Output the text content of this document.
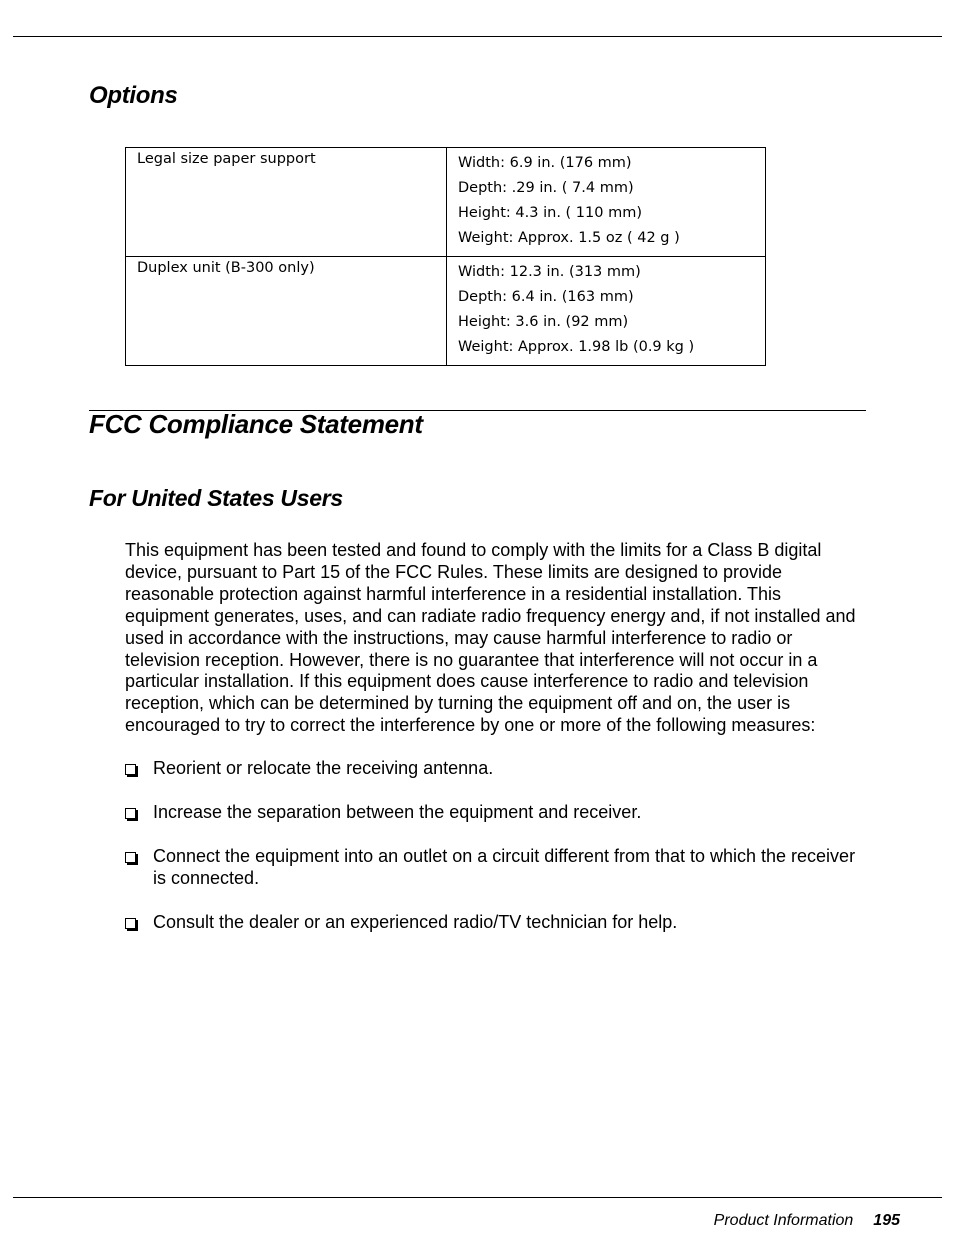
Options
Legal size paper support	Width: 6.9 in. (176 mm)
Depth: .29 in. ( 7.4 mm)
Height: 4.3 in. ( 110 mm)
Weight: Approx. 1.5 oz ( 42 g )

Duplex unit (B-300 only)	Width: 12.3 in. (313 mm)
Depth: 6.4 in. (163 mm)
Height: 3.6 in. (92 mm)
Weight: Approx. 1.98 lb (0.9 kg )
FCC Compliance Statement
For United States Users

This equipment has been tested and found to comply with the limits for a Class B digital device, pursuant to Part 15 of the FCC Rules. These limits are designed to provide reasonable protection against harmful interference in a residential installation. This equipment generates, uses, and can radiate radio frequency energy and, if not installed and used in accordance with the instructions, may cause harmful interference to radio or television reception. However, there is no guarantee that interference will not occur in a particular installation. If this equipment does cause interference to radio and television reception, which can be determined by turning the equipment off and on, the user is encouraged to try to correct the interference by one or more of the following measures:

Reorient or relocate the receiving antenna.
Increase the separation between the equipment and receiver.
Connect the equipment into an outlet on a circuit different from that to which the receiver is connected.
Consult the dealer or an experienced radio/TV technician for help.
Product Information 195
